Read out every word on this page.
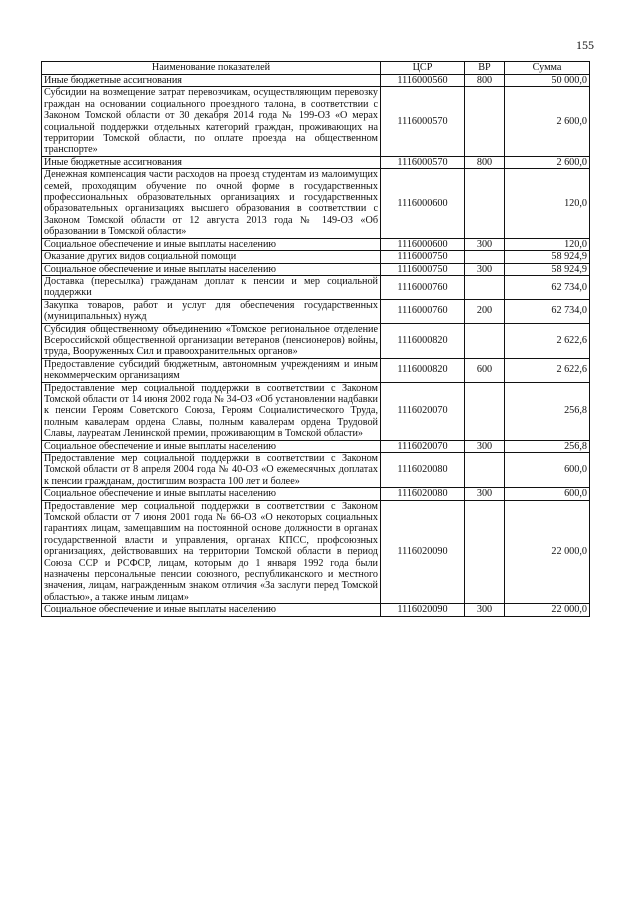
155
Наименование показателей	ЦСР	ВР	Сумма
Иные бюджетные ассигнования	1116000560	800	50 000,0
Субсидии на возмещение затрат перевозчикам, осуществляющим перевозку граждан на основании социального проездного талона, в соответствии с Законом Томской области от 30 декабря 2014 года № 199-ОЗ «О мерах социальной поддержки отдельных категорий граждан, проживающих на территории Томской области, по оплате проезда на общественном транспорте»	1116000570		2 600,0
Иные бюджетные ассигнования	1116000570	800	2 600,0
Денежная компенсация части расходов на проезд студентам из малоимущих семей, проходящим обучение по очной форме в государственных профессиональных образовательных организациях и государственных образовательных организациях высшего образования в соответствии с Законом Томской области от 12 августа 2013 года № 149-ОЗ «Об образовании в Томской области»	1116000600		120,0
Социальное обеспечение и иные выплаты населению	1116000600	300	120,0
Оказание других видов социальной помощи	1116000750		58 924,9
Социальное обеспечение и иные выплаты населению	1116000750	300	58 924,9
Доставка (пересылка) гражданам доплат к пенсии и мер социальной поддержки	1116000760		62 734,0
Закупка товаров, работ и услуг для обеспечения государственных (муниципальных) нужд	1116000760	200	62 734,0
Субсидия общественному объединению «Томское региональное отделение Всероссийской общественной организации ветеранов (пенсионеров) войны, труда, Вооруженных Сил и правоохранительных органов»	1116000820		2 622,6
Предоставление субсидий бюджетным, автономным учреждениям и иным некоммерческим организациям	1116000820	600	2 622,6
Предоставление мер социальной поддержки в соответствии с Законом Томской области от 14 июня 2002 года № 34-ОЗ «Об установлении надбавки к пенсии Героям Советского Союза, Героям Социалистического Труда, полным кавалерам ордена Славы, полным кавалерам ордена Трудовой Славы, лауреатам Ленинской премии, проживающим в Томской области»	1116020070		256,8
Социальное обеспечение и иные выплаты населению	1116020070	300	256,8
Предоставление мер социальной поддержки в соответствии с Законом Томской области от 8 апреля 2004 года № 40-ОЗ «О ежемесячных доплатах к пенсии гражданам, достигшим возраста 100 лет и более»	1116020080		600,0
Социальное обеспечение и иные выплаты населению	1116020080	300	600,0
Предоставление мер социальной поддержки в соответствии с Законом Томской области от 7 июня 2001 года № 66-ОЗ «О некоторых социальных гарантиях лицам, замещавшим на постоянной основе должности в органах государственной власти и управления, органах КПСС, профсоюзных организациях, действовавших на территории Томской области в период Союза ССР и РСФСР, лицам, которым до 1 января 1992 года были назначены персональные пенсии союзного, республиканского и местного значения, лицам, награжденным знаком отличия «За заслуги перед Томской областью», а также иным лицам»	1116020090		22 000,0
Социальное обеспечение и иные выплаты населению	1116020090	300	22 000,0
